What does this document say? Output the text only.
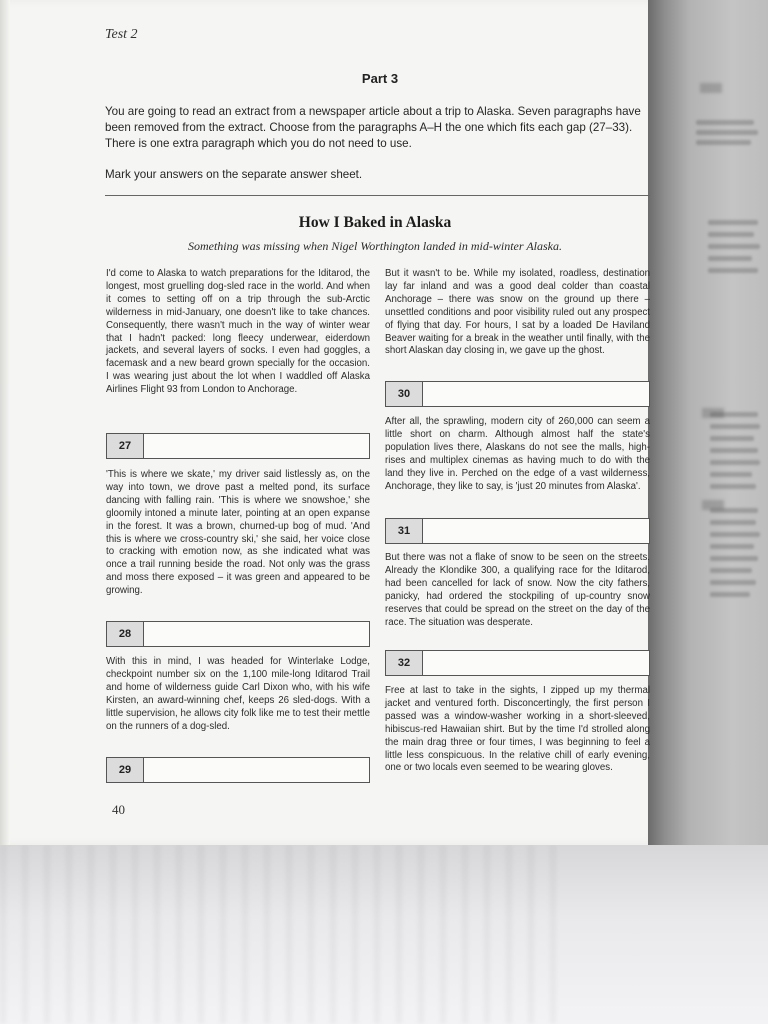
Test 2
Part 3

You are going to read an extract from a newspaper article about a trip to Alaska. Seven paragraphs have been removed from the extract. Choose from the paragraphs A–H the one which fits each gap (27–33). There is one extra paragraph which you do not need to use.

Mark your answers on the separate answer sheet.

How I Baked in Alaska
Something was missing when Nigel Worthington landed in mid-winter Alaska.

I'd come to Alaska to watch preparations for the Iditarod, the longest, most gruelling dog-sled race in the world. And when it comes to setting off on a trip through the sub-Arctic wilderness in mid-January, one doesn't like to take chances. Consequently, there wasn't much in the way of winter wear that I hadn't packed: long fleecy underwear, eiderdown jackets, and several layers of socks. I even had goggles, a facemask and a new beard grown specially for the occasion. I was wearing just about the lot when I waddled off Alaska Airlines Flight 93 from London to Anchorage.

27

'This is where we skate,' my driver said listlessly as, on the way into town, we drove past a melted pond, its surface dancing with falling rain. 'This is where we snowshoe,' she gloomily intoned a minute later, pointing at an open expanse in the forest. It was a brown, churned-up bog of mud. 'And this is where we cross-country ski,' she said, her voice close to cracking with emotion now, as she indicated what was once a trail running beside the road. Not only was the grass and moss there exposed – it was green and appeared to be growing.

28

With this in mind, I was headed for Winterlake Lodge, checkpoint number six on the 1,100 mile-long Iditarod Trail and home of wilderness guide Carl Dixon who, with his wife Kirsten, an award-winning chef, keeps 26 sled-dogs. With a little supervision, he allows city folk like me to test their mettle on the runners of a dog-sled.

29

But it wasn't to be. While my isolated, roadless, destination lay far inland and was a good deal colder than coastal Anchorage – there was snow on the ground up there – unsettled conditions and poor visibility ruled out any prospect of flying that day. For hours, I sat by a loaded De Haviland Beaver waiting for a break in the weather until finally, with the short Alaskan day closing in, we gave up the ghost.

30

After all, the sprawling, modern city of 260,000 can seem a little short on charm. Although almost half the state's population lives there, Alaskans do not see the malls, high-rises and multiplex cinemas as having much to do with the land they live in. Perched on the edge of a vast wilderness, Anchorage, they like to say, is 'just 20 minutes from Alaska'.

31

But there was not a flake of snow to be seen on the streets. Already the Klondike 300, a qualifying race for the Iditarod, had been cancelled for lack of snow. Now the city fathers, panicky, had ordered the stockpiling of up-country snow reserves that could be spread on the street on the day of the race. The situation was desperate.

32

Free at last to take in the sights, I zipped up my thermal jacket and ventured forth. Disconcertingly, the first person I passed was a window-washer working in a short-sleeved, hibiscus-red Hawaiian shirt. But by the time I'd strolled along the main drag three or four times, I was beginning to feel a little less conspicuous. In the relative chill of early evening, one or two locals even seemed to be wearing gloves.

40
